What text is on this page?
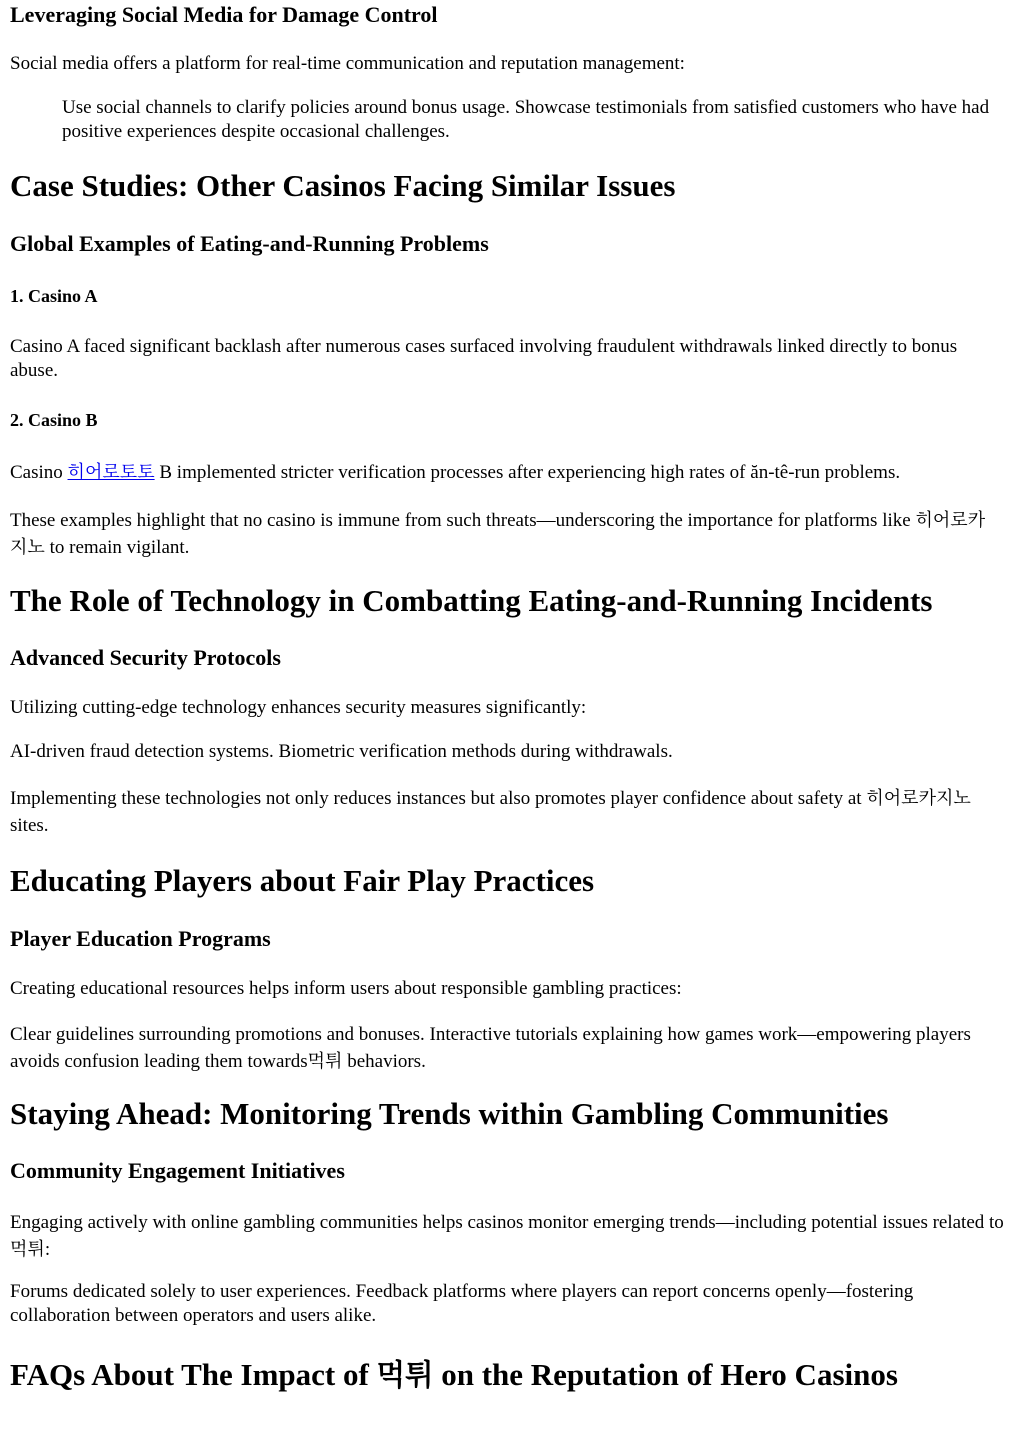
Leveraging Social Media for Damage Control

Social media offers a platform for real-time communication and reputation management:

Use social channels to clarify policies around bonus usage. Showcase testimonials from satisfied customers who have had positive experiences despite occasional challenges.
Case Studies: Other Casinos Facing Similar Issues
Global Examples of Eating-and-Running Problems
1. Casino A

Casino A faced significant backlash after numerous cases surfaced involving fraudulent withdrawals linked directly to bonus abuse.

2. Casino B

Casino 히어로토토 B implemented stricter verification processes after experiencing high rates of ăn-tê-run problems.

These examples highlight that no casino is immune from such threats—underscoring the importance for platforms like 히어로카지노 to remain vigilant.

The Role of Technology in Combatting Eating-and-Running Incidents
Advanced Security Protocols

Utilizing cutting-edge technology enhances security measures significantly:

AI-driven fraud detection systems. Biometric verification methods during withdrawals.

Implementing these technologies not only reduces instances but also promotes player confidence about safety at 히어로카지노 sites.

Educating Players about Fair Play Practices
Player Education Programs

Creating educational resources helps inform users about responsible gambling practices:

Clear guidelines surrounding promotions and bonuses. Interactive tutorials explaining how games work—empowering players avoids confusion leading them towards먹튀 behaviors.

Staying Ahead: Monitoring Trends within Gambling Communities
Community Engagement Initiatives

Engaging actively with online gambling communities helps casinos monitor emerging trends—including potential issues related to먹튀:

Forums dedicated solely to user experiences. Feedback platforms where players can report concerns openly—fostering collaboration between operators and users alike.

FAQs About The Impact of 먹튀 on the Reputation of Hero Casinos
